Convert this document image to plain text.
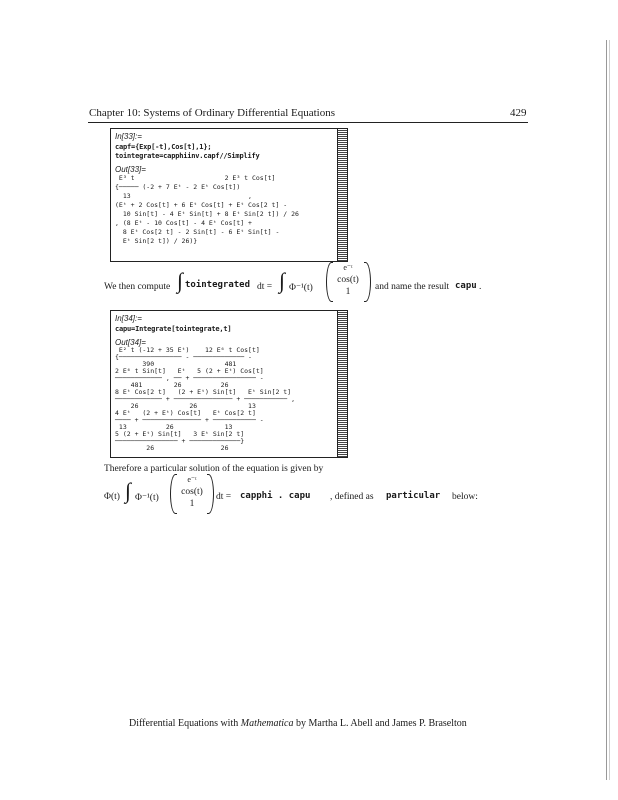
Chapter 10: Systems of Ordinary Differential Equations	429
In[33]:=
capf={Exp[-t],Cos[t],1};
tointegrate=capphiinv.capf//Simplify
Out[33]=
E³ t                       2 E³ t Cos[t]
{───── (-2 + 7 Eᵗ - 2 Eᵗ Cos[t])
13                              ,
(Eᵗ + 2 Cos[t] + 6 Eᵗ Cos[t] + Eᵗ Cos[2 t] -
10 Sin[t] - 4 Eᵗ Sin[t] + 8 Eᵗ Sin[2 t]) / 26
, (8 Eᵗ - 10 Cos[t] - 4 Eᵗ Cos[t] +
8 Eᵗ Cos[2 t] - 2 Sin[t] - 6 Eᵗ Sin[t] -
Eᵗ Sin[2 t]) / 26)}
We then compute ∫ tointegrated dt = ∫ Φ⁻¹(t)
e⁻ᵗ
cos(t)
1	and name the result capu .
In[34]:=
capu=Integrate[tointegrate,t]
Out[34]=
E² t (-12 + 35 Eᵗ)    12 E⁶ t Cos[t]
{──────────────── - ───────────── -
390                  481
2 E⁶ t Sin[t]   Eᵗ   5 (2 + Eᵗ) Cos[t]
──────────── , ── + ──────────────── -
481        26          26
8 Eᵗ Cos[2 t]   (2 + Eᵗ) Sin[t]   Eᵗ Sin[2 t]
──────────── + ─────────────── + ─────────── ,
26             26             13
4 Eᵗ   (2 + Eᵗ) Cos[t]   Eᵗ Cos[2 t]
──── + ─────────────── + ─────────── -
13          26             13
5 (2 + Eᵗ) Sin[t]   3 Eᵗ Sin[2 t]
──────────────── + ─────────────}
26                 26
Therefore a particular solution of the equation is given by
Φ(t) ∫ Φ⁻¹(t)
e⁻ᵗ
cos(t)
1
dt = capphi . capu , defined as particular below:
Differential Equations with Mathematica by Martha L. Abell and James P. Braselton
